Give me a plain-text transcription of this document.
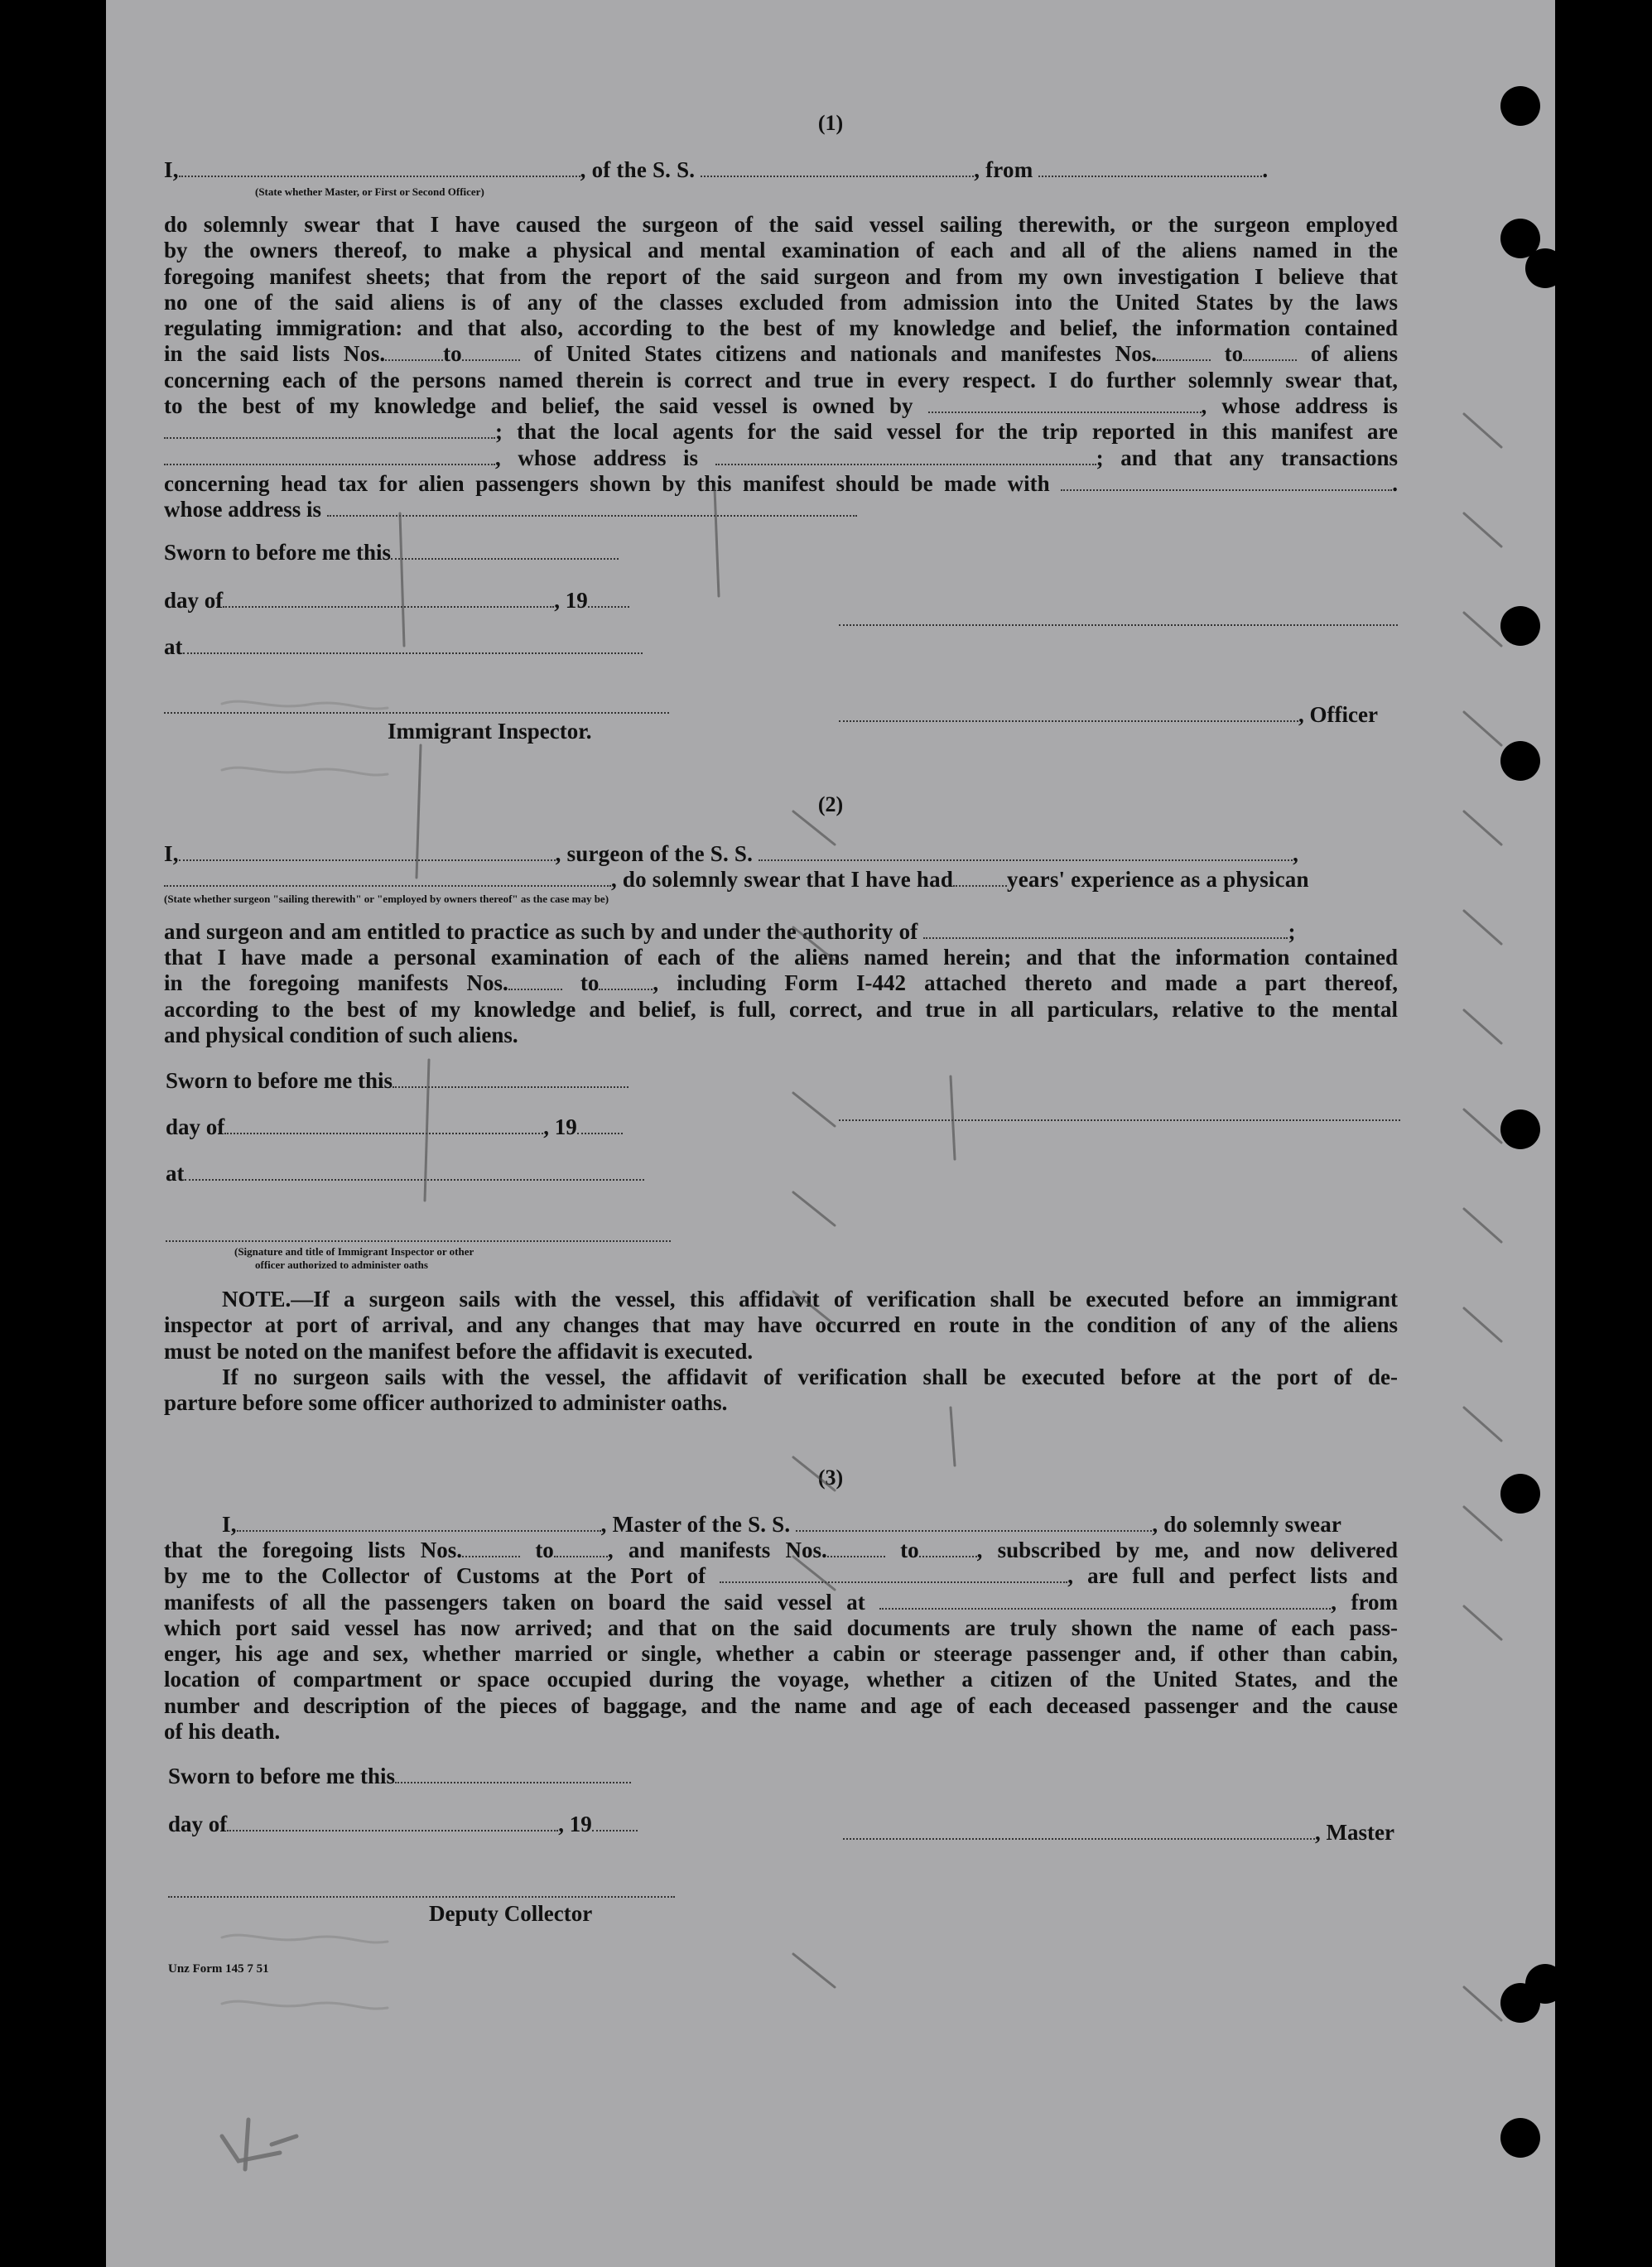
(1)
I,	, of the S. S.	, from	.
(State whether Master, or First or Second Officer)
do solemnly swear that I have caused the surgeon of the said vessel sailing therewith, or the surgeon employed
by the owners thereof, to make a physical and mental examination of each and all of the aliens named in the
foregoing manifest sheets; that from the report of the said surgeon and from my own investigation I believe that
no one of the said aliens is of any of the classes excluded from admission into the United States by the laws
regulating immigration: and that also, according to the best of my knowledge and belief, the information contained
in the said lists Nos.	to	of United States citizens and nationals and manifestes Nos.	to	of aliens
concerning each of the persons named therein is correct and true in every respect. I do further solemnly swear that,
to the best of my knowledge and belief, the said vessel is owned by	, whose address is
; that the local agents for the said vessel for the trip reported in this manifest are
, whose address is	; and that any transactions
concerning head tax for alien passengers shown by this manifest should be made with	.
whose address is
Sworn to before me this
day of	, 19
at
Immigrant Inspector.
, Officer
(2)
I,	, surgeon of the S. S.	,
, do solemnly swear that I have had years' experience as a physican
(State whether surgeon "sailing therewith" or "employed by owners thereof" as the case may be)
and surgeon and am entitled to practice as such by and under the authority of	;
that I have made a personal examination of each of the aliens named herein; and that the information contained
in the foregoing manifests Nos.	to , including Form I-442 attached thereto and made a part thereof,
according to the best of my knowledge and belief, is full, correct, and true in all particulars, relative to the mental
and physical condition of such aliens.
Sworn to before me this
day of	, 19
at
(Signature and title of Immigrant Inspector or other
officer authorized to administer oaths
NOTE.—If a surgeon sails with the vessel, this affidavit of verification shall be executed before an immigrant
inspector at port of arrival, and any changes that may have occurred en route in the condition of any of the aliens
must be noted on the manifest before the affidavit is executed.
If no surgeon sails with the vessel, the affidavit of verification shall be executed before at the port of de-
parture before some officer authorized to administer oaths.
(3)
I,	, Master of the S. S.	, do solemnly swear
that the foregoing lists Nos.	to , and manifests Nos.	to	, subscribed by me, and now delivered
by me to the Collector of Customs at the Port of	, are full and perfect lists and
manifests of all the passengers taken on board the said vessel at	, from
which port said vessel has now arrived; and that on the said documents are truly shown the name of each pass-
enger, his age and sex, whether married or single, whether a cabin or steerage passenger and, if other than cabin,
location of compartment or space occupied during the voyage, whether a citizen of the United States, and the
number and description of the pieces of baggage, and the name and age of each deceased passenger and the cause
of his death.
Sworn to before me this
day of	, 19	, Master
Deputy Collector
Unz Form 145 7 51
